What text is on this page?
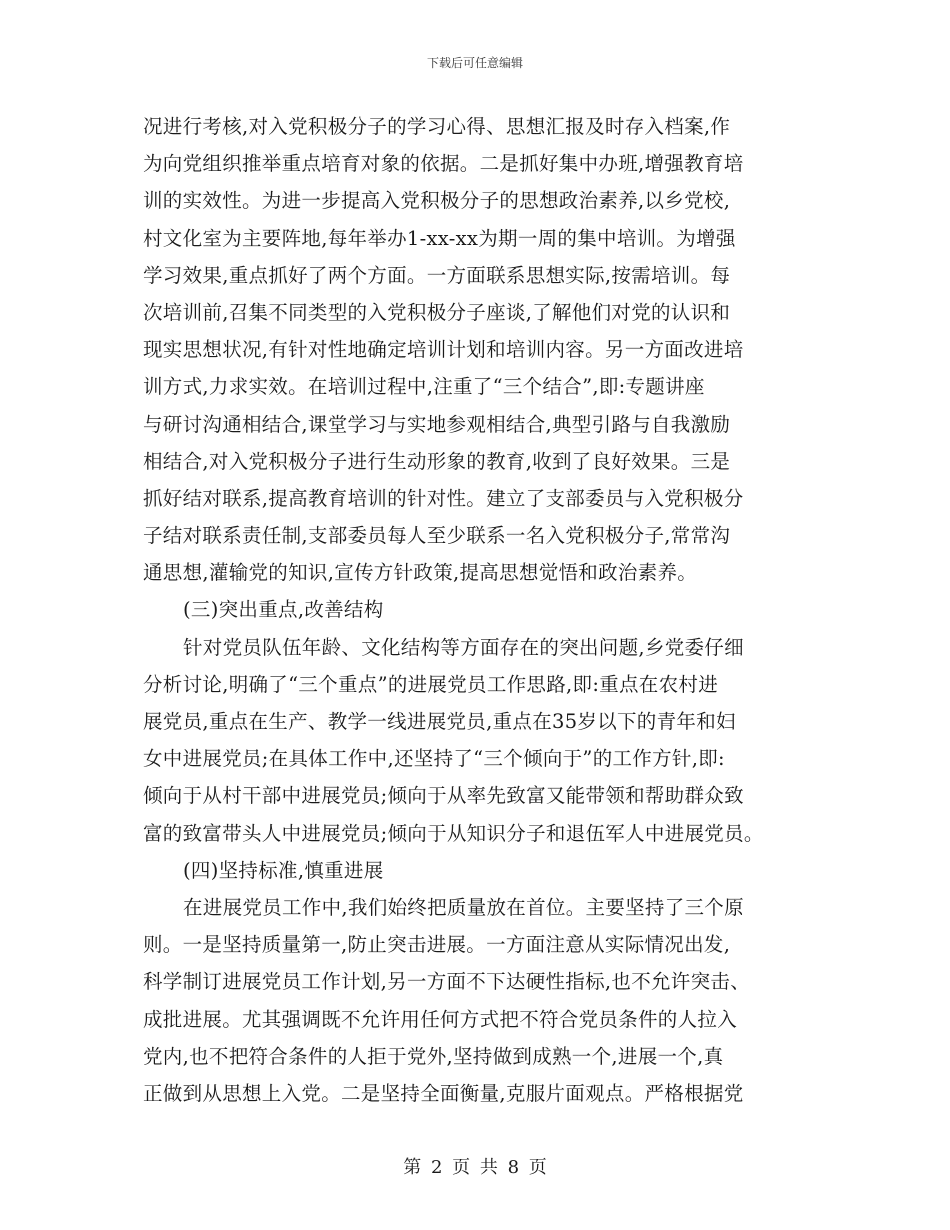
下载后可任意编辑
况进行考核,对入党积极分子的学习心得、思想汇报及时存入档案,作
为向党组织推举重点培育对象的依据。二是抓好集中办班,增强教育培
训的实效性。为进一步提高入党积极分子的思想政治素养,以乡党校,
村文化室为主要阵地,每年举办1-xx-xx为期一周的集中培训。为增强
学习效果,重点抓好了两个方面。一方面联系思想实际,按需培训。每
次培训前,召集不同类型的入党积极分子座谈,了解他们对党的认识和
现实思想状况,有针对性地确定培训计划和培训内容。另一方面改进培
训方式,力求实效。在培训过程中,注重了“三个结合”,即:专题讲座
与研讨沟通相结合,课堂学习与实地参观相结合,典型引路与自我激励
相结合,对入党积极分子进行生动形象的教育,收到了良好效果。三是
抓好结对联系,提高教育培训的针对性。建立了支部委员与入党积极分
子结对联系责任制,支部委员每人至少联系一名入党积极分子,常常沟
通思想,灌输党的知识,宣传方针政策,提高思想觉悟和政治素养。
(三)突出重点,改善结构
针对党员队伍年龄、文化结构等方面存在的突出问题,乡党委仔细
分析讨论,明确了“三个重点”的进展党员工作思路,即:重点在农村进
展党员,重点在生产、教学一线进展党员,重点在35岁以下的青年和妇
女中进展党员;在具体工作中,还坚持了“三个倾向于”的工作方针,即:
倾向于从村干部中进展党员;倾向于从率先致富又能带领和帮助群众致
富的致富带头人中进展党员;倾向于从知识分子和退伍军人中进展党员。
(四)坚持标准,慎重进展
在进展党员工作中,我们始终把质量放在首位。主要坚持了三个原
则。一是坚持质量第一,防止突击进展。一方面注意从实际情况出发,
科学制订进展党员工作计划,另一方面不下达硬性指标,也不允许突击、
成批进展。尤其强调既不允许用任何方式把不符合党员条件的人拉入
党内,也不把符合条件的人拒于党外,坚持做到成熟一个,进展一个,真
正做到从思想上入党。二是坚持全面衡量,克服片面观点。严格根据党
第 2 页 共 8 页
